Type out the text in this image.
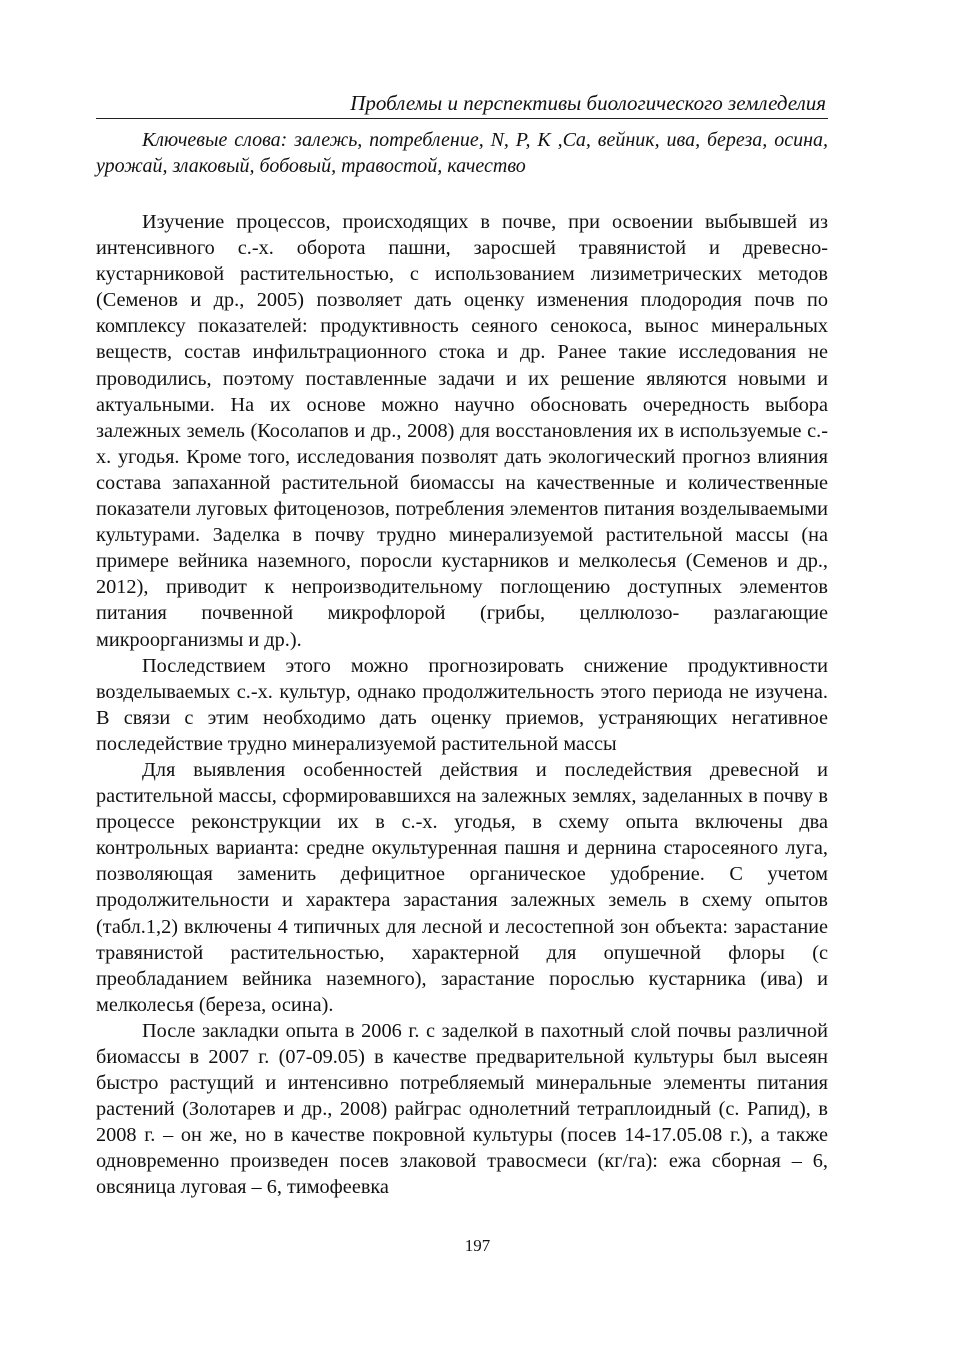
Проблемы и перспективы биологического земледелия
Ключевые слова: залежь, потребление, N, P, K ,Ca, вейник, ива, береза, осина, урожай, злаковый, бобовый, травостой, качество

Изучение процессов, происходящих в почве, при освоении выбывшей из интенсивного с.-х. оборота пашни, заросшей травянистой и древесно-кустарниковой растительностью, с использованием лизиметрических методов (Семенов и др., 2005) позволяет дать оценку изменения плодородия почв по комплексу показателей: продуктивность сеяного сенокоса, вынос минеральных веществ, состав инфильтрационного стока и др. Ранее такие исследования не проводились, поэтому поставленные задачи и их решение являются новыми и актуальными. На их основе можно научно обосновать очередность выбора залежных земель (Косолапов и др., 2008) для восстановления их в используемые с.-х. угодья. Кроме того, исследования позволят дать экологический прогноз влияния состава запаханной растительной биомассы на качественные и количественные показатели луговых фитоценозов, потребления элементов питания возделываемыми культурами. Заделка в почву трудно минерализуемой растительной массы (на примере вейника наземного, поросли кустарников и мелколесья (Семенов и др., 2012), приводит к непроизводительному поглощению доступных элементов питания почвенной микрофлорой (грибы, целлюлозо- разлагающие микроорганизмы и др.).

Последствием этого можно прогнозировать снижение продуктивности возделываемых с.-х. культур, однако продолжительность этого периода не изучена. В связи с этим необходимо дать оценку приемов, устраняющих негативное последействие трудно минерализуемой растительной массы

Для выявления особенностей действия и последействия древесной и растительной массы, сформировавшихся на залежных землях, заделанных в почву в процессе реконструкции их в с.-х. угодья, в схему опыта включены два контрольных варианта: средне окультуренная пашня и дернина старосеяного луга, позволяющая заменить дефицитное органическое удобрение. С учетом продолжительности и характера зарастания залежных земель в схему опытов (табл.1,2) включены 4 типичных для лесной и лесостепной зон объекта: зарастание травянистой растительностью, характерной для опушечной флоры (с преобладанием вейника наземного), зарастание порослью кустарника (ива) и мелколесья (береза, осина).

После закладки опыта в 2006 г. с заделкой в пахотный слой почвы различной биомассы в 2007 г. (07-09.05) в качестве предварительной культуры был высеян быстро растущий и интенсивно потребляемый минеральные элементы питания растений (Золотарев и др., 2008) райграс однолетний тетраплоидный (с. Рапид), в 2008 г. – он же, но в качестве покровной культуры (посев 14-17.05.08 г.), а также одновременно произведен посев злаковой травосмеси (кг/га): ежа сборная – 6, овсяница луговая – 6, тимофеевка

197
